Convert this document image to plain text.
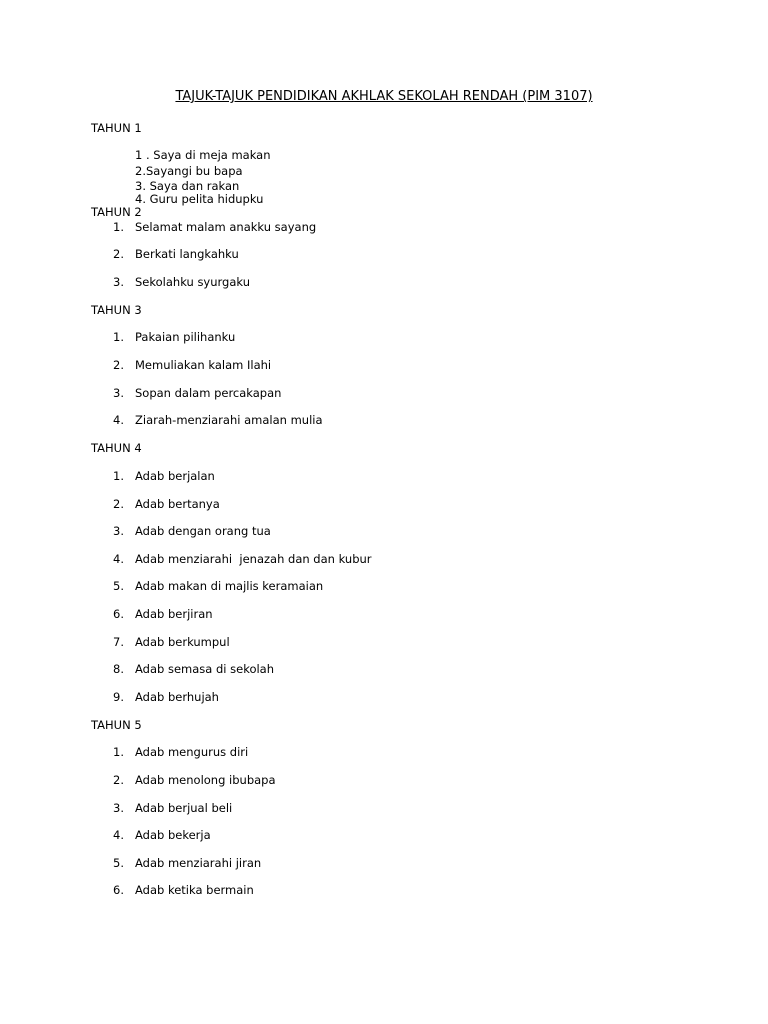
TAJUK-TAJUK PENDIDIKAN AKHLAK SEKOLAH RENDAH (PIM 3107)
TAHUN 1
1 . Saya di meja makan
2.Sayangi bu bapa
3. Saya dan rakan
4. Guru pelita hidupku
TAHUN 2
1. Selamat malam anakku sayang
2. Berkati langkahku
3. Sekolahku syurgaku
TAHUN 3
1. Pakaian pilihanku
2. Memuliakan kalam Ilahi
3. Sopan dalam percakapan
4. Ziarah-menziarahi amalan mulia
TAHUN 4
1. Adab berjalan
2. Adab bertanya
3. Adab dengan orang tua
4. Adab menziarahi  jenazah dan dan kubur
5. Adab makan di majlis keramaian
6. Adab berjiran
7. Adab berkumpul
8. Adab semasa di sekolah
9. Adab berhujah
TAHUN 5
1. Adab mengurus diri
2. Adab menolong ibubapa
3. Adab berjual beli
4. Adab bekerja
5. Adab menziarahi jiran
6. Adab ketika bermain
